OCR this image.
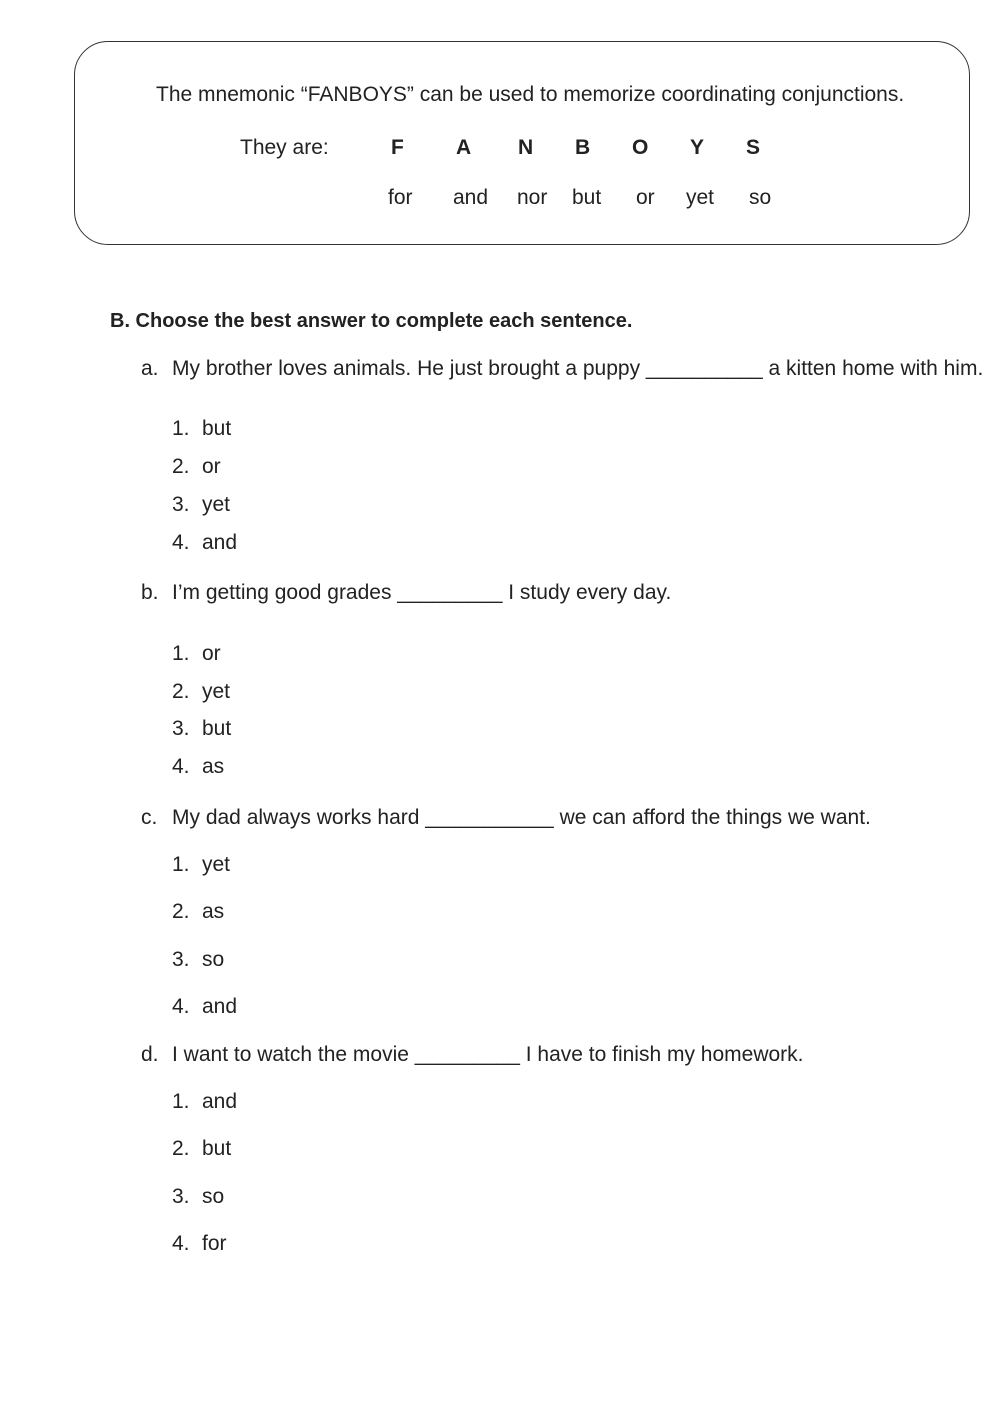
The mnemonic “FANBOYS” can be used to memorize coordinating conjunctions.
They are:	F A N B O Y S
for and nor but or yet so
B. Choose the best answer to complete each sentence.
a. My brother loves animals. He just brought a puppy __________ a kitten home with him.
1. but
2. or
3. yet
4. and
b. I’m getting good grades _________ I study every day.
1. or
2. yet
3. but
4. as
c. My dad always works hard ___________ we can afford the things we want.
1. yet
2. as
3. so
4. and
d. I want to watch the movie _________ I have to finish my homework.
1. and
2. but
3. so
4. for
